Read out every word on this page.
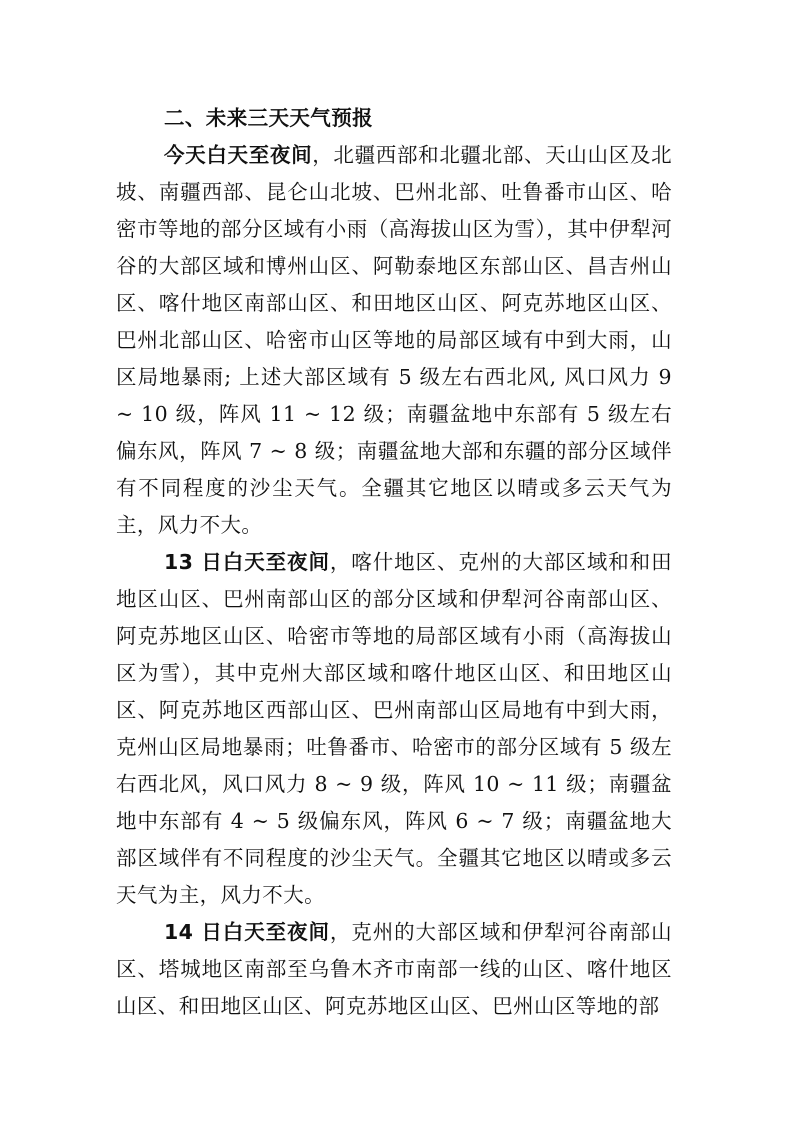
二、未来三天天气预报

今天白天至夜间，北疆西部和北疆北部、天山山区及北坡、南疆西部、昆仑山北坡、巴州北部、吐鲁番市山区、哈密市等地的部分区域有小雨（高海拔山区为雪），其中伊犁河谷的大部区域和博州山区、阿勒泰地区东部山区、昌吉州山区、喀什地区南部山区、和田地区山区、阿克苏地区山区、巴州北部山区、哈密市山区等地的局部区域有中到大雨，山区局地暴雨; 上述大部区域有 5 级左右西北风, 风口风力 9 ~ 10 级，阵风 11 ~ 12 级；南疆盆地中东部有 5 级左右偏东风，阵风 7 ~ 8 级；南疆盆地大部和东疆的部分区域伴有不同程度的沙尘天气。全疆其它地区以晴或多云天气为主，风力不大。

13 日白天至夜间，喀什地区、克州的大部区域和和田地区山区、巴州南部山区的部分区域和伊犁河谷南部山区、阿克苏地区山区、哈密市等地的局部区域有小雨（高海拔山区为雪），其中克州大部区域和喀什地区山区、和田地区山区、阿克苏地区西部山区、巴州南部山区局地有中到大雨，克州山区局地暴雨；吐鲁番市、哈密市的部分区域有 5 级左右西北风，风口风力 8 ~ 9 级，阵风 10 ~ 11 级；南疆盆地中东部有 4 ~ 5 级偏东风，阵风 6 ~ 7 级；南疆盆地大部区域伴有不同程度的沙尘天气。全疆其它地区以晴或多云天气为主，风力不大。

14 日白天至夜间，克州的大部区域和伊犁河谷南部山区、塔城地区南部至乌鲁木齐市南部一线的山区、喀什地区山区、和田地区山区、阿克苏地区山区、巴州山区等地的部
